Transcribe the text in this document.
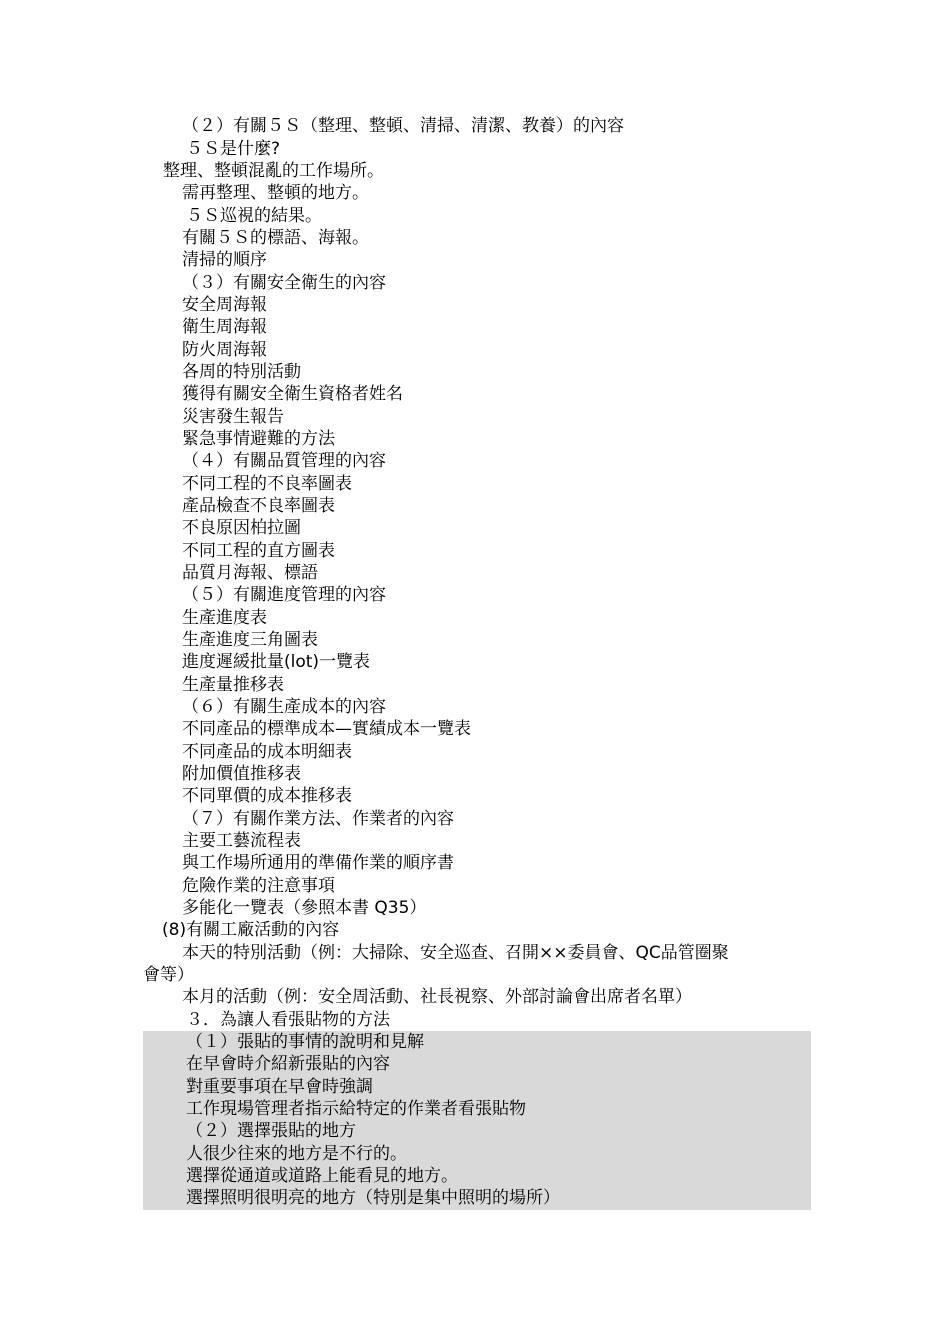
（２）有關５Ｓ（整理、整頓、清掃、清潔、教養）的內容
５Ｓ是什麼?
整理、整頓混亂的工作場所。
需再整理、整頓的地方。
５Ｓ巡視的結果。
有關５Ｓ的標語、海報。
清掃的順序
（３）有關安全衛生的內容
安全周海報
衛生周海報
防火周海報
各周的特別活動
獲得有關安全衛生資格者姓名
災害發生報告
緊急事情避難的方法
（４）有關品質管理的內容
不同工程的不良率圖表
產品檢查不良率圖表
不良原因柏拉圖
不同工程的直方圖表
品質月海報、標語
（５）有關進度管理的內容
生產進度表
生產進度三角圖表
進度遲緩批量(lot)一覽表
生產量推移表
（６）有關生產成本的內容
不同產品的標準成本—實績成本一覽表
不同產品的成本明細表
附加價值推移表
不同單價的成本推移表
（７）有關作業方法、作業者的內容
主要工藝流程表
與工作場所通用的準備作業的順序書
危險作業的注意事項
多能化一覽表（參照本書 Q35）
(8)有關工廠活動的內容
本天的特別活動（例：大掃除、安全巡查、召開××委員會、QC品管圈聚
會等）
本月的活動（例：安全周活動、社長視察、外部討論會出席者名單）
３．為讓人看張貼物的方法
（１）張貼的事情的說明和見解
在早會時介紹新張貼的內容
對重要事項在早會時強調
工作現場管理者指示給特定的作業者看張貼物
（２）選擇張貼的地方
人很少往來的地方是不行的。
選擇從通道或道路上能看見的地方。
選擇照明很明亮的地方（特別是集中照明的場所）
